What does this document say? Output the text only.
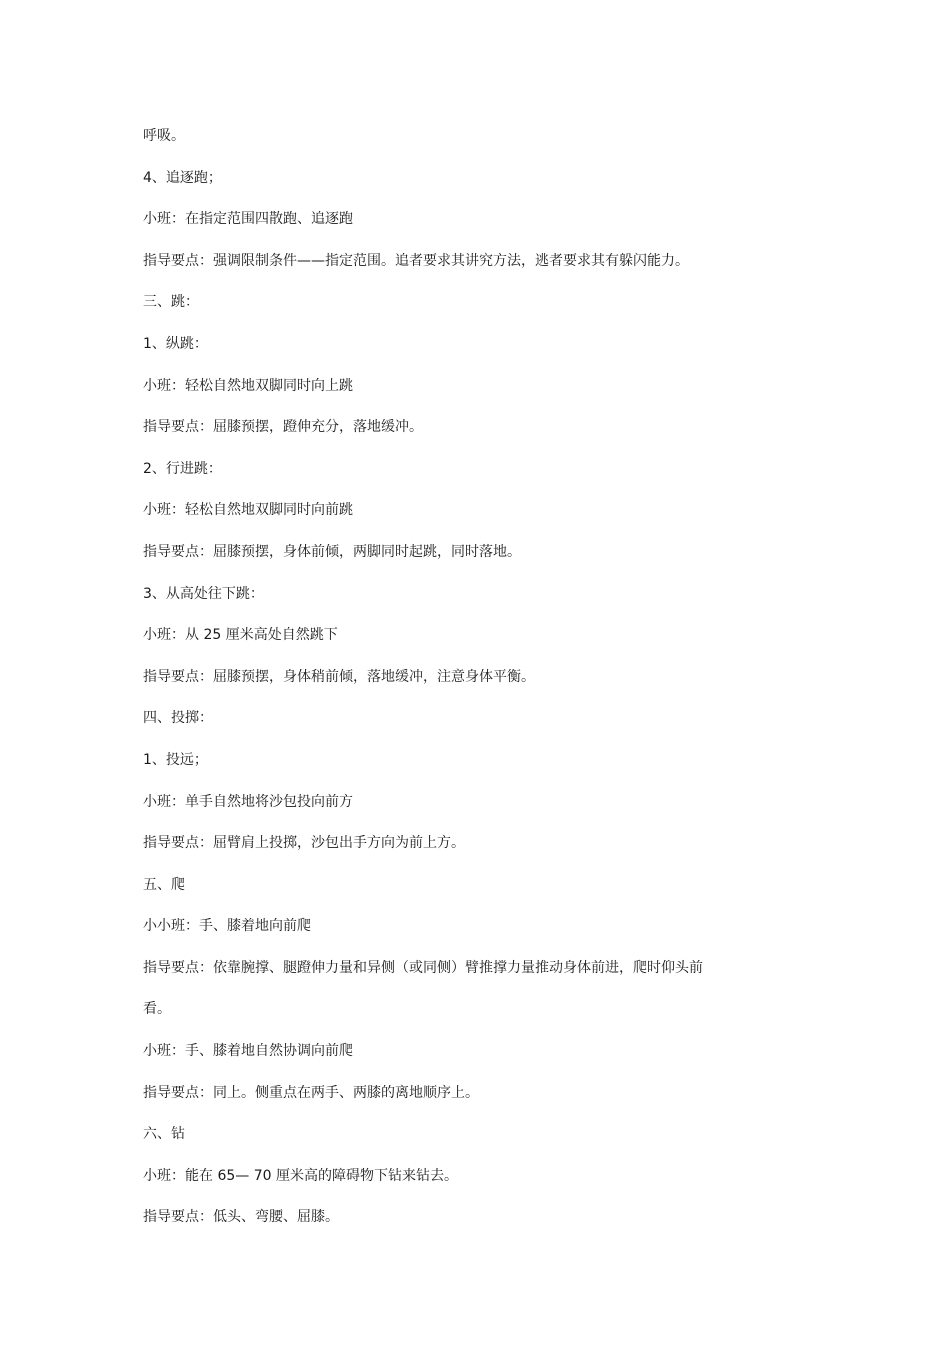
呼吸。

4、追逐跑；

小班：在指定范围四散跑、追逐跑

指导要点：强调限制条件——指定范围。追者要求其讲究方法，逃者要求其有躲闪能力。

三、跳：

1、纵跳：

小班：轻松自然地双脚同时向上跳

指导要点：屈膝预摆，蹬伸充分，落地缓冲。

2、行进跳：

小班：轻松自然地双脚同时向前跳

指导要点：屈膝预摆，身体前倾，两脚同时起跳，同时落地。

3、从高处往下跳：

小班：从 25 厘米高处自然跳下

指导要点：屈膝预摆，身体稍前倾，落地缓冲，注意身体平衡。

四、投掷：

1、投远；

小班：单手自然地将沙包投向前方

指导要点：屈臂肩上投掷，沙包出手方向为前上方。

五、爬

小小班：手、膝着地向前爬

指导要点：依靠腕撑、腿蹬伸力量和异侧（或同侧）臂推撑力量推动身体前进，爬时仰头前

看。

小班：手、膝着地自然协调向前爬

指导要点：同上。侧重点在两手、两膝的离地顺序上。

六、钻

小班：能在 65— 70 厘米高的障碍物下钻来钻去。

指导要点：低头、弯腰、屈膝。
